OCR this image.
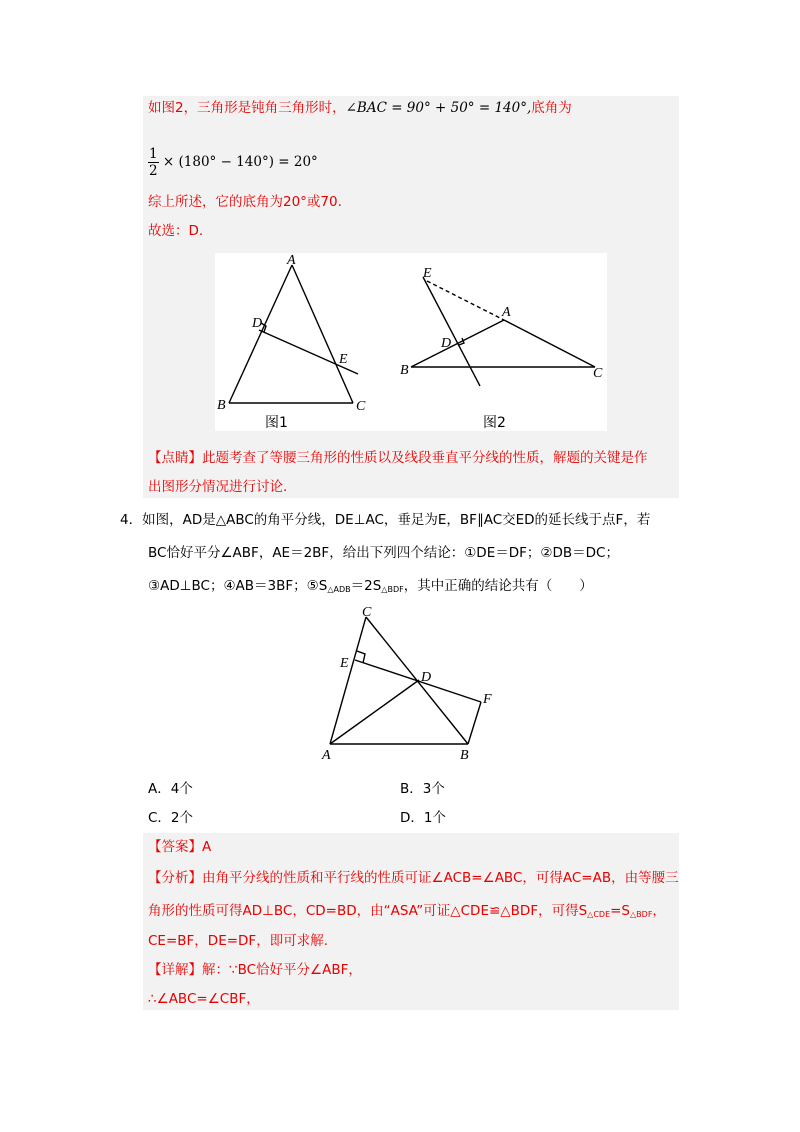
如图2，三角形是钝角三角形时，∠BAC = 90° + 50° = 140°,底角为
$\frac{1}{2} \times (180^\circ - 140^\circ) = 20^\circ$
综上所述，它的底角为20°或70.
故选：D.
A
B	C
D
E
E
A
B	C
D
图1	图2
【点睛】此题考查了等腰三角形的性质以及线段垂直平分线的性质，解题的关键是作
出图形分情况进行讨论.
4．如图，AD是△ABC的角平分线，DE⊥AC，垂足为E，BF∥AC交ED的延长线于点F，若
BC恰好平分∠ABF，AE＝2BF，给出下列四个结论：①DE＝DF；②DB＝DC；
③AD⊥BC；④AB＝3BF；$⑤S_{\triangle ADB}=2S_{\triangle BDF}$，其中正确的结论共有（　　）
C
E
D
F
A	B
A．4个	B．3个
C．2个	D．1个
【答案】A
【分析】由角平分线的性质和平行线的性质可证∠ACB=∠ABC，可得AC=AB，由等腰三
角形的性质可得AD⊥BC，CD=BD，由“ASA”可证△CDE≌△BDF，可得$S_{\triangle CDE}=S_{\triangle BDF}$，
CE=BF，DE=DF，即可求解.
【详解】解：∵BC恰好平分∠ABF，
∴∠ABC=∠CBF，
